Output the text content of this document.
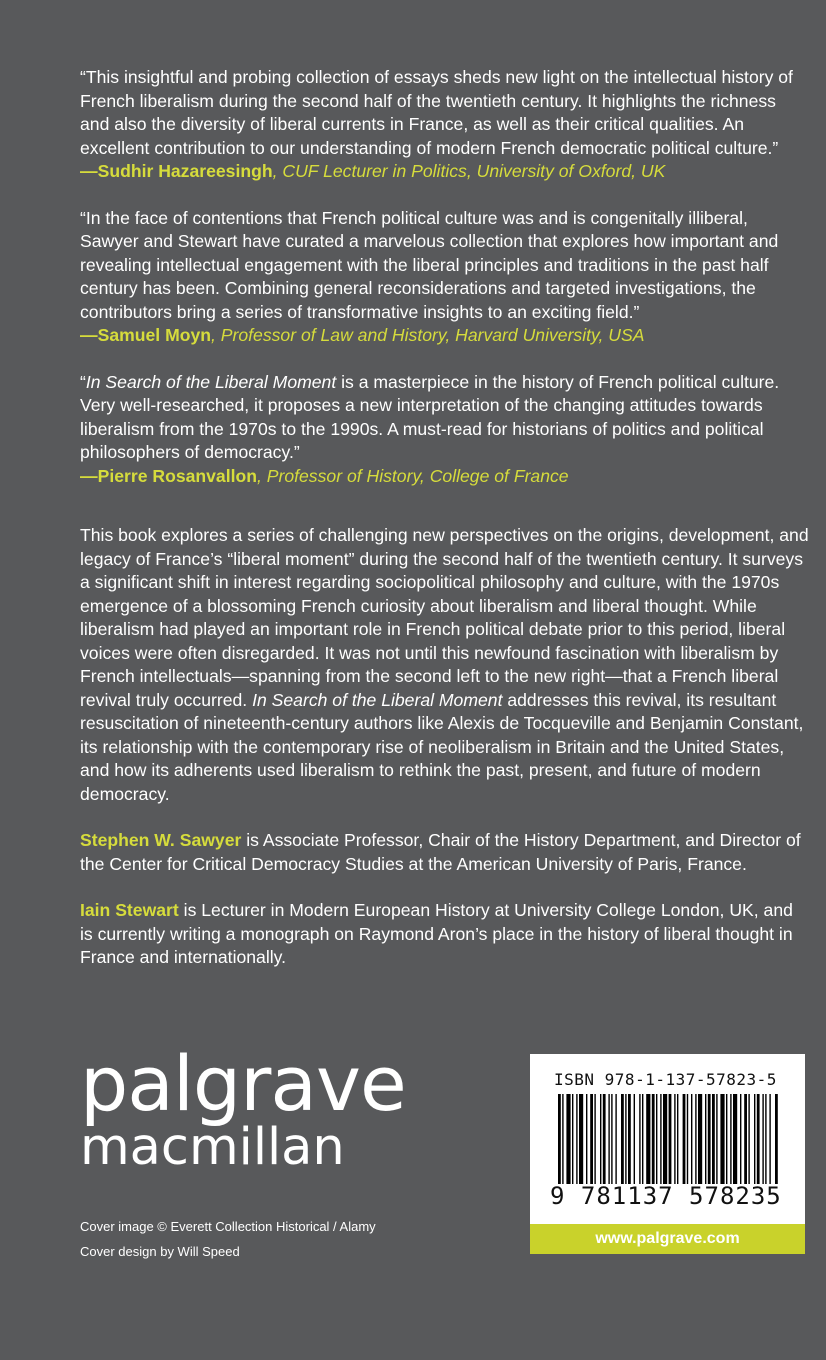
“This insightful and probing collection of essays sheds new light on the intellectual history of French liberalism during the second half of the twentieth century. It highlights the richness and also the diversity of liberal currents in France, as well as their critical qualities. An excellent contribution to our understanding of modern French democratic political culture.”
—Sudhir Hazareesingh, CUF Lecturer in Politics, University of Oxford, UK
“In the face of contentions that French political culture was and is congenitally illiberal, Sawyer and Stewart have curated a marvelous collection that explores how important and revealing intellectual engagement with the liberal principles and traditions in the past half century has been. Combining general reconsiderations and targeted investigations, the contributors bring a series of transformative insights to an exciting field.”
—Samuel Moyn, Professor of Law and History, Harvard University, USA
“In Search of the Liberal Moment is a masterpiece in the history of French political culture. Very well-researched, it proposes a new interpretation of the changing attitudes towards liberalism from the 1970s to the 1990s. A must-read for historians of politics and political philosophers of democracy.”
—Pierre Rosanvallon, Professor of History, College of France

This book explores a series of challenging new perspectives on the origins, development, and legacy of France’s “liberal moment” during the second half of the twentieth century. It surveys a significant shift in interest regarding sociopolitical philosophy and culture, with the 1970s emergence of a blossoming French curiosity about liberalism and liberal thought. While liberalism had played an important role in French political debate prior to this period, liberal voices were often disregarded. It was not until this newfound fascination with liberalism by French intellectuals—spanning from the second left to the new right—that a French liberal revival truly occurred. In Search of the Liberal Moment addresses this revival, its resultant resuscitation of nineteenth-century authors like Alexis de Tocqueville and Benjamin Constant, its relationship with the contemporary rise of neoliberalism in Britain and the United States, and how its adherents used liberalism to rethink the past, present, and future of modern democracy.

Stephen W. Sawyer is Associate Professor, Chair of the History Department, and Director of the Center for Critical Democracy Studies at the American University of Paris, France.

Iain Stewart is Lecturer in Modern European History at University College London, UK, and is currently writing a monograph on Raymond Aron’s place in the history of liberal thought in France and internationally.

palgrave
macmillan
Cover image © Everett Collection Historical / Alamy
Cover design by Will Speed
ISBN 978-1-137-57823-5
9 781137 578235
www.palgrave.com
